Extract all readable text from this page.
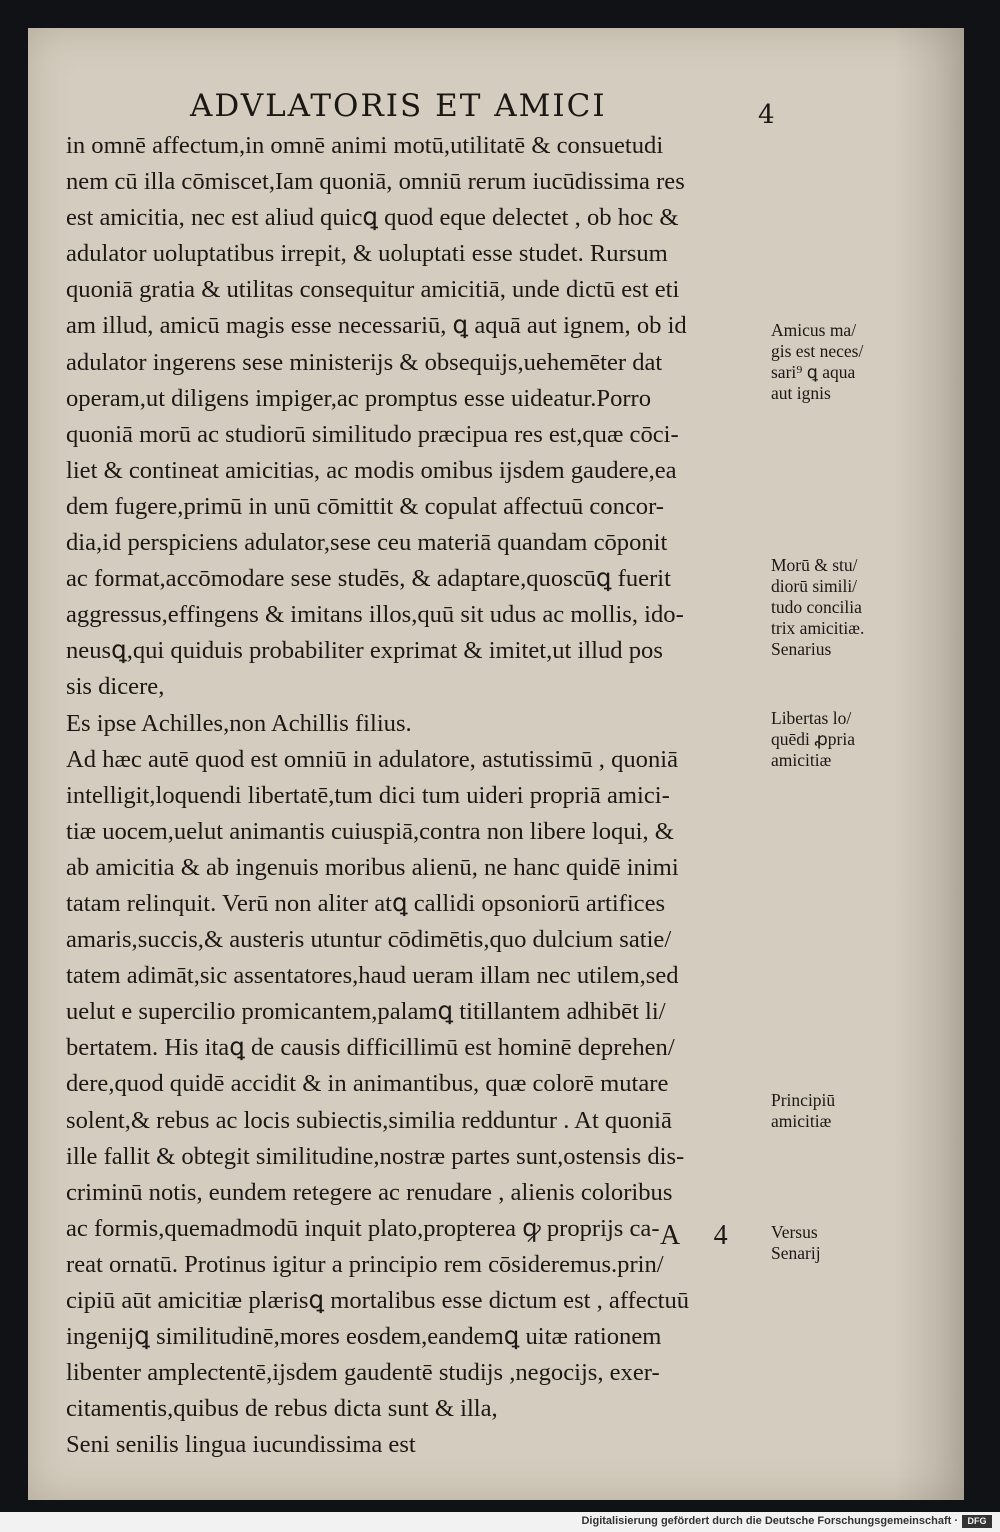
ADVLATORIS ET AMICI	4
in omnē affectum,in omnē animi motū,utilitatē & consuetudi
nem cū illa cōmiscet,Iam quoniā, omniū rerum iucūdissima res
est amicitia, nec est aliud quicꝗ quod eque delectet , ob hoc &
adulator uoluptatibus irrepit, & uoluptati esse studet. Rursum
quoniā gratia & utilitas consequitur amicitiā, unde dictū est eti
am illud, amicū magis esse necessariū, ꝗ aquā aut ignem, ob id
adulator ingerens sese ministerijs & obsequijs,uehemēter dat
operam,ut diligens impiger,ac promptus esse uideatur.Porro
quoniā morū ac studiorū similitudo præcipua res est,quæ cōci-
liet & contineat amicitias, ac modis omibus ijsdem gaudere,ea
dem fugere,primū in unū cōmittit & copulat affectuū concor-
dia,id perspiciens adulator,sese ceu materiā quandam cōponit
ac format,accōmodare sese studēs, & adaptare,quoscūꝗ fuerit
aggressus,effingens & imitans illos,quū sit udus ac mollis, ido-
neusꝗ,qui quiduis probabiliter exprimat & imitet,ut illud pos
sis dicere,
Es ipse Achilles,non Achillis filius.
Ad hæc autē quod est omniū in adulatore, astutissimū , quoniā
intelligit,loquendi libertatē,tum dici tum uideri propriā amici-
tiæ uocem,uelut animantis cuiuspiā,contra non libere loqui, &
ab amicitia & ab ingenuis moribus alienū, ne hanc quidē inimi
tatam relinquit. Verū non aliter atꝗ callidi opsoniorū artifices
amaris,succis,& austeris utuntur cōdimētis,quo dulcium satie/
tatem adimāt,sic assentatores,haud ueram illam nec utilem,sed
uelut e supercilio promicantem,palamꝗ titillantem adhibēt li/
bertatem. His itaꝗ de causis difficillimū est hominē deprehen/
dere,quod quidē accidit & in animantibus, quæ colorē mutare
solent,& rebus ac locis subiectis,similia redduntur . At quoniā
ille fallit & obtegit similitudine,nostræ partes sunt,ostensis dis-
criminū notis, eundem retegere ac renudare , alienis coloribus
ac formis,quemadmodū inquit plato,propterea ꝙ proprijs ca-
reat ornatū. Protinus igitur a principio rem cōsideremus.prin/
cipiū aūt amicitiæ plærisꝗ mortalibus esse dictum est , affectuū
ingenijꝗ similitudinē,mores eosdem,eandemꝗ uitæ rationem
libenter amplectentē,ijsdem gaudentē studijs ,negocijs, exer-
citamentis,quibus de rebus dicta sunt & illa,
Seni senilis lingua iucundissima est
Amicus ma/
gis est neces/
sari⁹ ꝗ aqua
aut ignis
Morū & stu/
diorū simili/
tudo concilia
trix amicitiæ.
Senarius
Libertas lo/
quēdi ꝓpria
amicitiæ
Principiū
amicitiæ
Versus
Senarij
A 4
Digitalisierung gefördert durch die Deutsche Forschungsgemeinschaft ·	DFG
